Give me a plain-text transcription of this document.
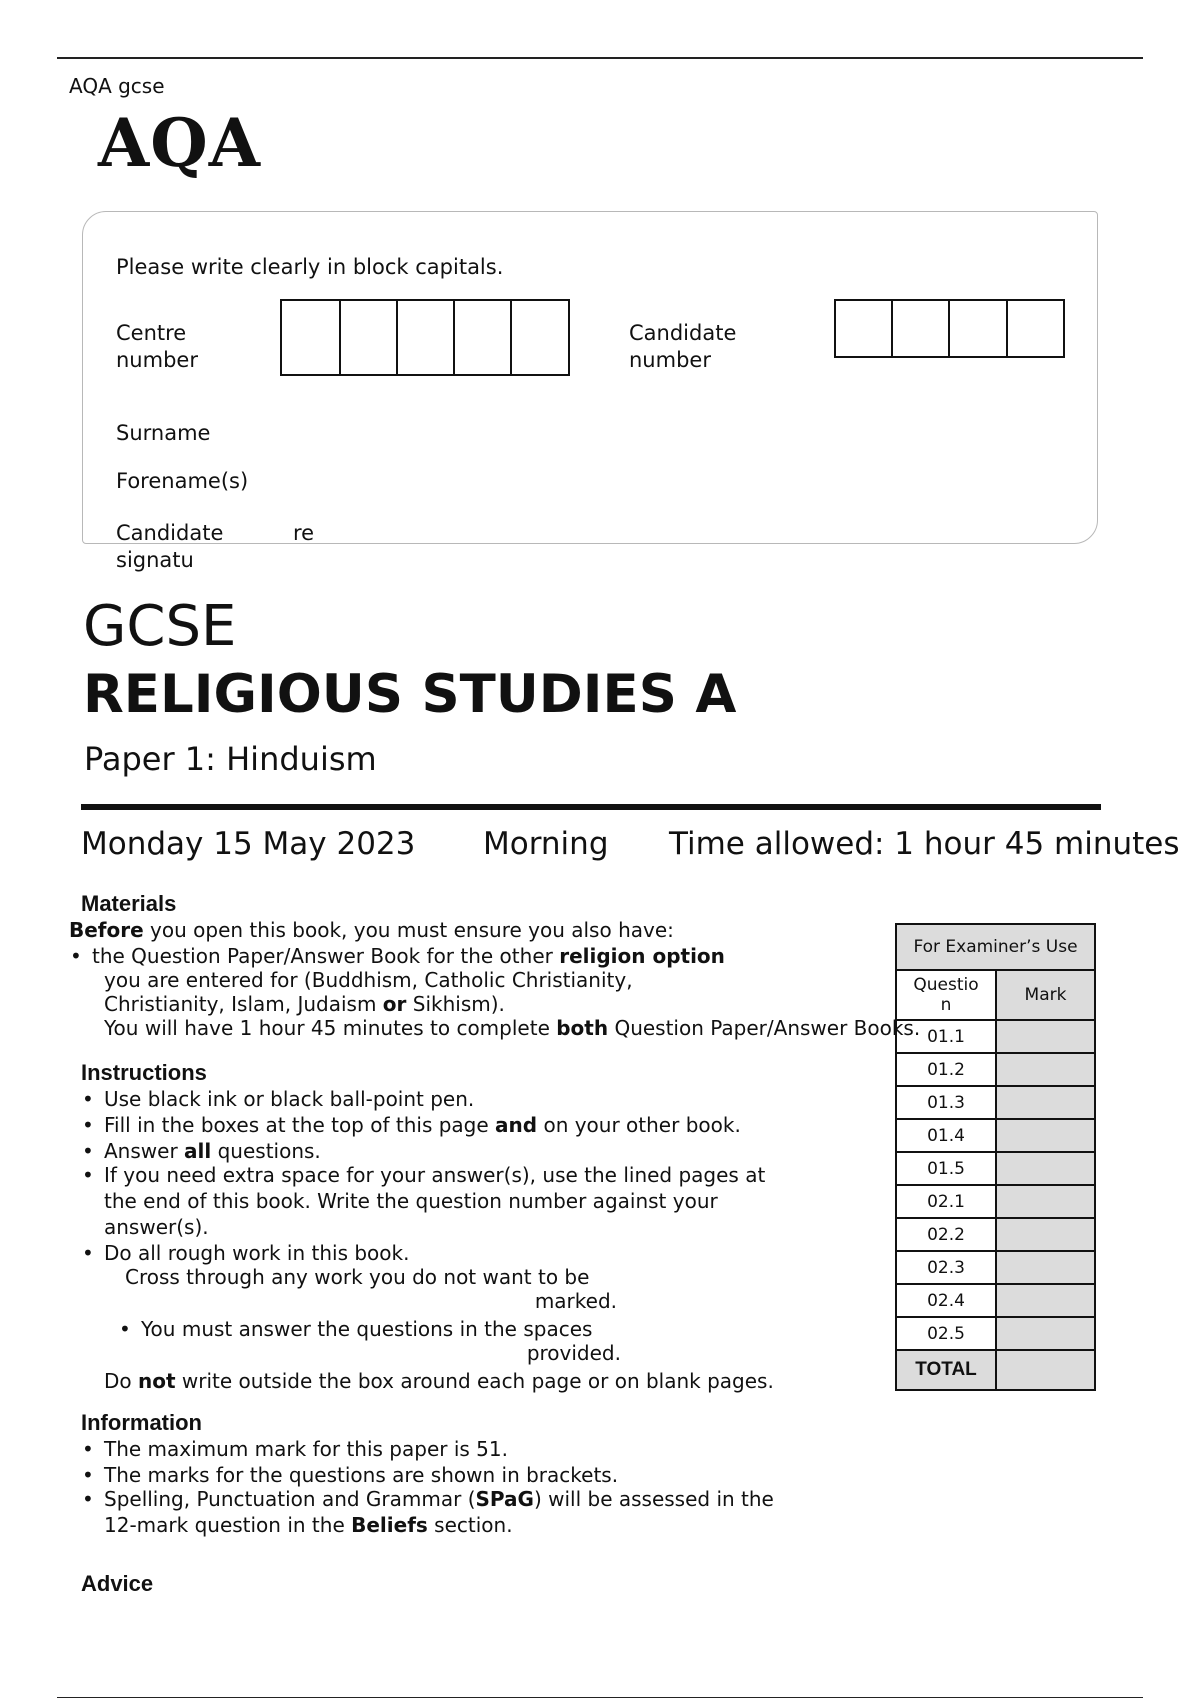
AQA gcse
AQA
Please write clearly in block capitals.
Centre
number
Candidate
number
Surname
Forename(s)
Candidate
signatu
re
GCSE
RELIGIOUS STUDIES A
Paper 1: Hinduism
Monday 15 May 2023 Morning Time allowed: 1 hour 45 minutes
Materials
Before you open this book, you must ensure you also have:
• the Question Paper/Answer Book for the other religion option
you are entered for (Buddhism, Catholic Christianity,
Christianity, Islam, Judaism or Sikhism).
You will have 1 hour 45 minutes to complete both Question Paper/Answer Books.
Instructions
• Use black ink or black ball-point pen.
• Fill in the boxes at the top of this page and on your other book.
• Answer all questions.
• If you need extra space for your answer(s), use the lined pages at
the end of this book. Write the question number against your
answer(s).
• Do all rough work in this book.
Cross through any work you do not want to be
marked.
• You must answer the questions in the spaces
provided.
Do not write outside the box around each page or on blank pages.
Information
• The maximum mark for this paper is 51.
• The marks for the questions are shown in brackets.
• Spelling, Punctuation and Grammar (SPaG) will be assessed in the
12-mark question in the Beliefs section.
Advice
For Examiner’s Use	

Questio
n	Mark
01.1	
01.2	
01.3	
01.4	
01.5	
02.1	
02.2	
02.3	
02.4	
02.5	
TOTAL	
